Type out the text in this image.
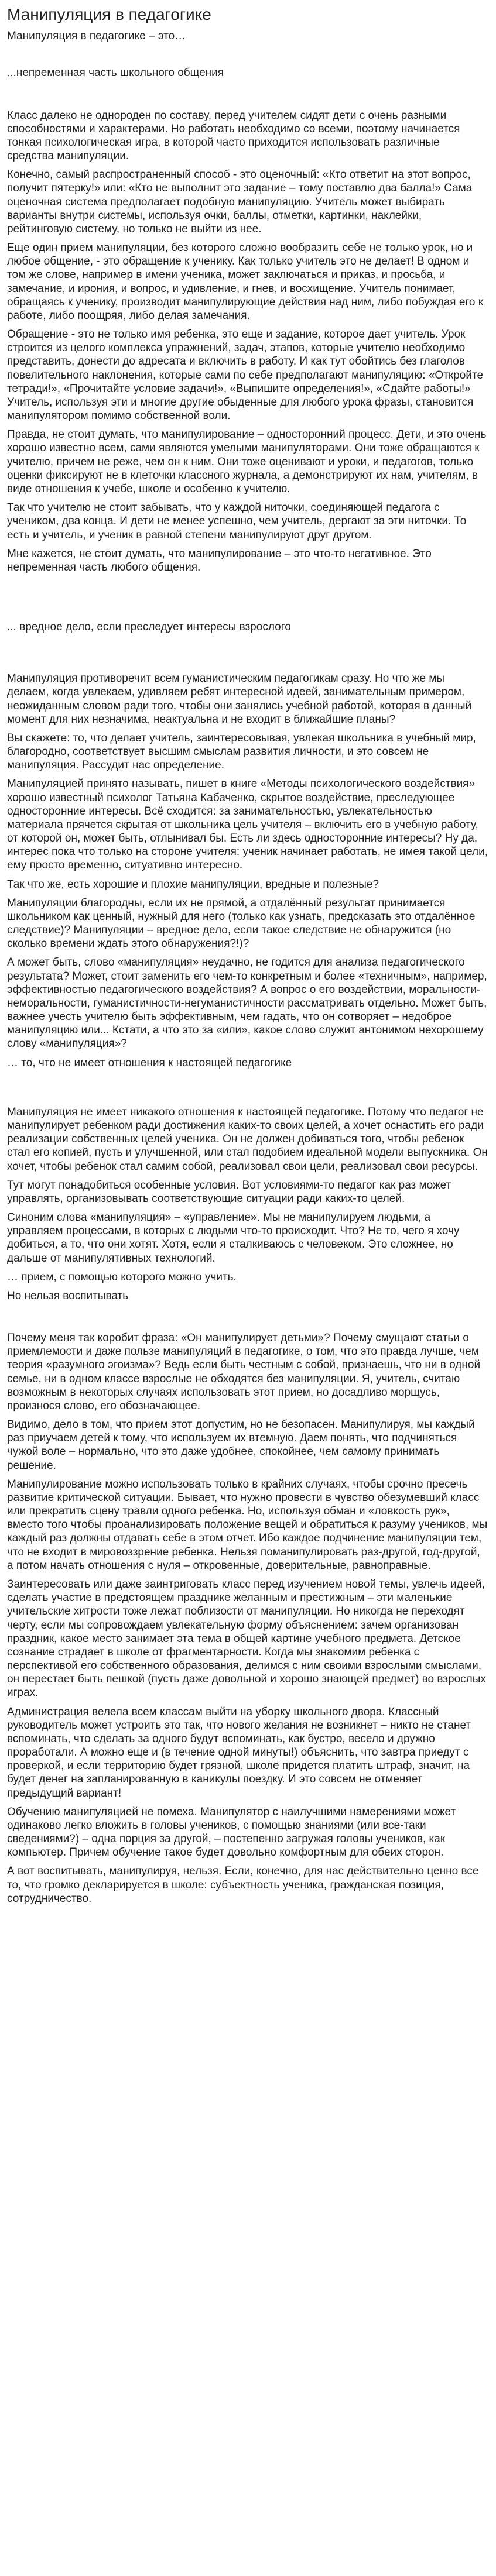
Манипуляция в педагогике

Манипуляция в педагогике – это…

...непременная часть школьного общения

Класс далеко не однороден по составу, перед учителем сидят дети с очень разными способностями и характерами. Но работать необходимо со всеми, поэтому начинается тонкая психологическая игра, в которой часто приходится использовать различные средства манипуляции.

Конечно, самый распространенный способ - это оценочный: «Кто ответит на этот вопрос, получит пятерку!» или: «Кто не выполнит это задание – тому поставлю два балла!» Сама оценочная система предполагает подобную манипуляцию. Учитель может выбирать варианты внутри системы, используя очки, баллы, отметки, картинки, наклейки, рейтинговую систему, но только не выйти из нее.

Еще один прием манипуляции, без которого сложно вообразить себе не только урок, но и любое общение, - это обращение к ученику. Как только учитель это не делает! В одном и том же слове, например в имени ученика, может заключаться и приказ, и просьба, и замечание, и ирония, и вопрос, и удивление, и гнев, и восхищение. Учитель понимает, обращаясь к ученику, производит манипулирующие действия над ним, либо побуждая его к работе, либо поощряя, либо делая замечания.

Обращение - это не только имя ребенка, это еще и задание, которое дает учитель. Урок строится из целого комплекса упражнений, задач, этапов, которые учителю необходимо представить, донести до адресата и включить в работу. И как тут обойтись без глаголов повелительного наклонения, которые сами по себе предполагают манипуляцию: «Откройте тетради!», «Прочитайте условие задачи!», «Выпишите определения!», «Сдайте работы!» Учитель, используя эти и многие другие обыденные для любого урока фразы, становится манипулятором помимо собственной воли.

Правда, не стоит думать, что манипулирование – односторонний процесс. Дети, и это очень хорошо известно всем, сами являются умелыми манипуляторами. Они тоже обращаются к учителю, причем не реже, чем он к ним. Они тоже оценивают и уроки, и педагогов, только оценки фиксируют не в клеточки классного журнала, а демонстрируют их нам, учителям, в виде отношения к учебе, школе и особенно к учителю.

Так что учителю не стоит забывать, что у каждой ниточки, соединяющей педагога с учеником, два конца. И дети не менее успешно, чем учитель, дергают за эти ниточки. То есть и учитель, и ученик в равной степени манипулируют друг другом.

Мне кажется, не стоит думать, что манипулирование – это что-то негативное. Это непременная часть любого общения.

... вредное дело, если преследует интересы взрослого

Манипуляция противоречит всем гуманистическим педагогикам сразу. Но что же мы делаем, когда увлекаем, удивляем ребят интересной идеей, занимательным примером, неожиданным словом ради того, чтобы они занялись учебной работой, которая в данный момент для них незначима, неактуальна и не входит в ближайшие планы?

Вы скажете: то, что делает учитель, заинтересовывая, увлекая школьника в учебный мир, благородно, соответствует высшим смыслам развития личности, и это совсем не манипуляция. Рассудит нас определение.

Манипуляцией принято называть, пишет в книге «Методы психологического воздействия» хорошо известный психолог Татьяна Кабаченко, скрытое воздействие, преследующее односторонние интересы. Всё сходится: за занимательностью, увлекательностью материала прячется скрытая от школьника цель учителя – включить его в учебную работу, от которой он, может быть, отлынивал бы. Есть ли здесь односторонние интересы? Ну да, интерес пока что только на стороне учителя: ученик начинает работать, не имея такой цели, ему просто временно, ситуативно интересно.

Так что же, есть хорошие и плохие манипуляции, вредные и полезные?

Манипуляции благородны, если их не прямой, а отдалённый результат принимается школьником как ценный, нужный для него (только как узнать, предсказать это отдалённое следствие)? Манипуляции – вредное дело, если такое следствие не обнаружится (но сколько времени ждать этого обнаружения?!)?

А может быть, слово «манипуляция» неудачно, не годится для анализа педагогического результата? Может, стоит заменить его чем-то конкретным и более «техничным», например, эффективностью педагогического воздействия? А вопрос о его воздействии, моральности-неморальности, гуманистичности-негуманистичности рассматривать отдельно. Может быть, важнее учесть учителю быть эффективным, чем гадать, что он сотворяет – недоброе манипуляцию или... Кстати, а что это за «или», какое слово служит антонимом нехорошему слову «манипуляция»?

… то, что не имеет отношения к настоящей педагогике

Манипуляция не имеет никакого отношения к настоящей педагогике. Потому что педагог не манипулирует ребенком ради достижения каких-то своих целей, а хочет оснастить его ради реализации собственных целей ученика. Он не должен добиваться того, чтобы ребенок стал его копией, пусть и улучшенной, или стал подобием идеальной модели выпускника. Он хочет, чтобы ребенок стал самим собой, реализовал свои цели, реализовал свои ресурсы.

Тут могут понадобиться особенные условия. Вот условиями-то педагог как раз может управлять, организовывать соответствующие ситуации ради каких-то целей.

Синоним слова «манипуляция» – «управление». Мы не манипулируем людьми, а управляем процессами, в которых с людьми что-то происходит. Что? Не то, чего я хочу добиться, а то, что они хотят. Хотя, если я сталкиваюсь с человеком. Это сложнее, но дальше от манипулятивных технологий.

… прием, с помощью которого можно учить.

Но нельзя воспитывать

Почему меня так коробит фраза: «Он манипулирует детьми»? Почему смущают статьи о приемлемости и даже пользе манипуляций в педагогике, о том, что это правда лучше, чем теория «разумного эгоизма»? Ведь если быть честным с собой, признаешь, что ни в одной семье, ни в одном классе взрослые не обходятся без манипуляции. Я, учитель, считаю возможным в некоторых случаях использовать этот прием, но досадливо морщусь, произнося слово, его обозначающее.

Видимо, дело в том, что прием этот допустим, но не безопасен. Манипулируя, мы каждый раз приучаем детей к тому, что используем их втемную. Даем понять, что подчиняться чужой воле – нормально, что это даже удобнее, спокойнее, чем самому принимать решение.

Манипулирование можно использовать только в крайних случаях, чтобы срочно пресечь развитие критической ситуации. Бывает, что нужно провести в чувство обезумевший класс или прекратить сцену травли одного ребенка. Но, используя обман и «ловкость рук», вместо того чтобы проанализировать положение вещей и обратиться к разуму учеников, мы каждый раз должны отдавать себе в этом отчет. Ибо каждое подчинение манипуляции тем, что не входит в мировоззрение ребенка. Нельзя поманипулировать раз-другой, год-другой, а потом начать отношения с нуля – откровенные, доверительные, равноправные.

Заинтересовать или даже заинтриговать класс перед изучением новой темы, увлечь идеей, сделать участие в предстоящем празднике желанным и престижным – эти маленькие учительские хитрости тоже лежат поблизости от манипуляции. Но никогда не переходят черту, если мы сопровождаем увлекательную форму объяснением: зачем организован праздник, какое место занимает эта тема в общей картине учебного предмета. Детское сознание страдает в школе от фрагментарности. Когда мы знакомим ребенка с перспективой его собственного образования, делимся с ним своими взрослыми смыслами, он перестает быть пешкой (пусть даже довольной и хорошо знающей предмет) во взрослых играх.

Администрация велела всем классам выйти на уборку школьного двора. Классный руководитель может устроить это так, что нового желания не возникнет – никто не станет вспоминать, что сделать за одного будут вспоминать, как бустро, весело и дружно проработали. А можно еще и (в течение одной минуты!) объяснить, что завтра приедут с проверкой, и если территорию будет грязной, школе придется платить штраф, значит, на будет денег на запланированную в каникулы поездку. И это совсем не отменяет предыдущий вариант!

Обучению манипуляцией не помеха. Манипулятор с наилучшими намерениями может одинаково легко вложить в головы учеников, с помощью знаниями (или все-таки сведениями?) – одна порция за другой, – постепенно загружая головы учеников, как компьютер. Причем обучение такое будет довольно комфортным для обеих сторон.

А вот воспитывать, манипулируя, нельзя. Если, конечно, для нас действительно ценно все то, что громко декларируется в школе: субъектность ученика, гражданская позиция, сотрудничество.
